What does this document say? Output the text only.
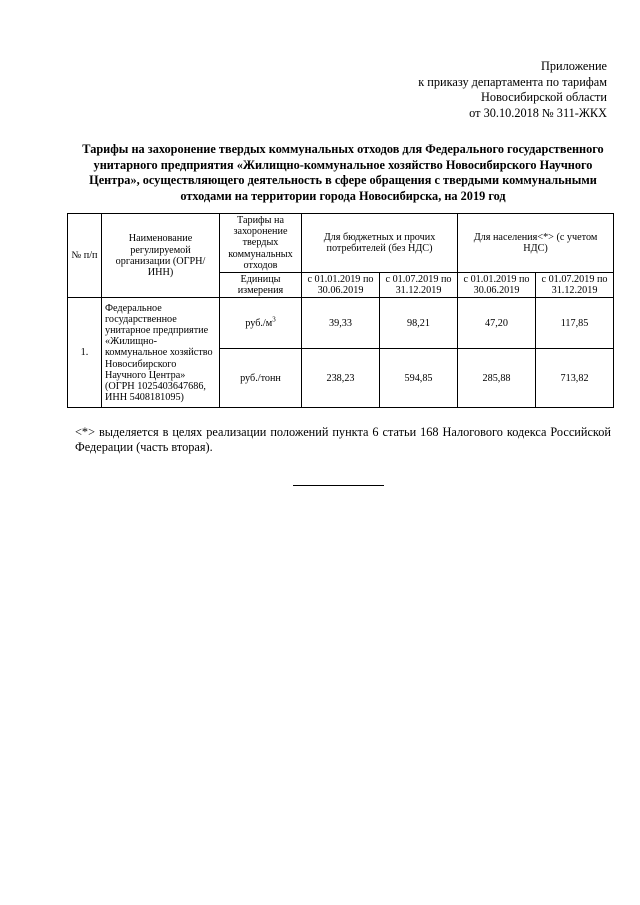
Приложение
к приказу департамента по тарифам
Новосибирской области
от 30.10.2018 № 311-ЖКХ
Тарифы на захоронение твердых коммунальных отходов для Федерального государственного унитарного предприятия «Жилищно-коммунальное хозяйство Новосибирского Научного Центра», осуществляющего деятельность в сфере обращения с твердыми коммунальными отходами на территории города Новосибирска, на 2019 год
№ п/п	Наименование регулируемой организации (ОГРН/ИНН)	Тарифы на захоронение твердых коммунальных отходов	Для бюджетных и прочих потребителей (без НДС)		Для населения<*> (с учетом НДС)	
		Единицы измерения	с 01.01.2019 по 30.06.2019	с 01.07.2019 по 31.12.2019	с 01.01.2019 по 30.06.2019	с 01.07.2019 по 31.12.2019
1.	Федеральное государственное унитарное предприятие «Жилищно-коммунальное хозяйство Новосибирского Научного Центра» (ОГРН 1025403647686, ИНН 5408181095)	$руб./м^3$	39,33	98,21	47,20	117,85
		руб./тонн	238,23	594,85	285,88	713,82
<*> выделяется в целях реализации положений пункта 6 статьи 168 Налогового кодекса Российской Федерации (часть вторая).
